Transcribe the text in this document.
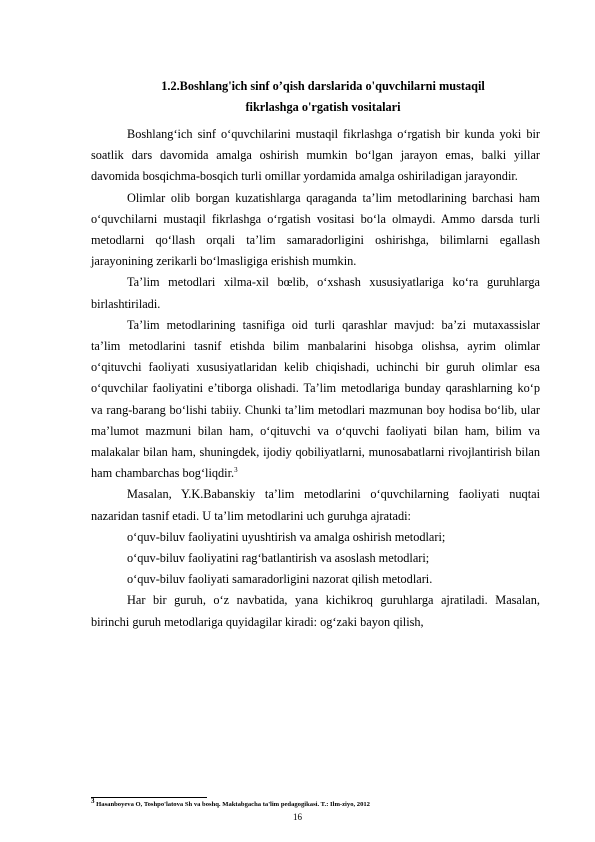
1.2.Boshlang'ich sinf o’qish darslarida o'quvchilarni mustaqil
fikrlashga o'rgatish vositalari

Boshlang‘ich sinf o‘quvchilarini mustaqil fikrlashga o‘rgatish bir kunda yoki bir soatlik dars davomida amalga oshirish mumkin bo‘lgan jarayon emas, balki yillar davomida bosqichma-bosqich turli omillar yordamida amalga oshiriladigan jarayondir.

Olimlar olib borgan kuzatishlarga qaraganda ta’lim metodlarining barchasi ham o‘quvchilarni mustaqil fikrlashga o‘rgatish vositasi bo‘la olmaydi. Ammo darsda turli metodlarni qo‘llash orqali ta’lim samaradorligini oshirishga, bilimlarni egallash jarayonining zerikarli bo‘lmasligiga erishish mumkin.

Ta’lim metodlari xilma-xil bœlib, o‘xshash xususiyatlariga ko‘ra guruhlarga birlashtiriladi.

Ta’lim metodlarining tasnifiga oid turli qarashlar mavjud: ba’zi mutaxassislar ta’lim metodlarini tasnif etishda bilim manbalarini hisobga olishsa, ayrim olimlar o‘qituvchi faoliyati xususiyatlaridan kelib chiqishadi, uchinchi bir guruh olimlar esa o‘quvchilar faoliyatini e’tiborga olishadi. Ta’lim metodlariga bunday qarashlarning ko‘p va rang-barang bo‘lishi tabiiy. Chunki ta’lim metodlari mazmunan boy hodisa bo‘lib, ular ma’lumot mazmuni bilan ham, o‘qituvchi va o‘quvchi faoliyati bilan ham, bilim va malakalar bilan ham, shuningdek, ijodiy qobiliyatlarni, munosabatlarni rivojlantirish bilan ham chambarchas bog‘liqdir.$^3$

Masalan, Y.K.Babanskiy ta’lim metodlarini o‘quvchilarning faoliyati nuqtai nazaridan tasnif etadi. U ta’lim metodlarini uch guruhga ajratadi:

o‘quv-biluv faoliyatini uyushtirish va amalga oshirish metodlari;

o‘quv-biluv faoliyatini rag‘batlantirish va asoslash metodlari;

o‘quv-biluv faoliyati samaradorligini nazorat qilish metodlari.

Har bir guruh, o‘z navbatida, yana kichikroq guruhlarga ajratiladi. Masalan, birinchi guruh metodlariga quyidagilar kiradi: og‘zaki bayon qilish,

$^3$ Hasanboyeva O, Toshpo'latova Sh va boshq. Maktabgacha ta'lim pedagogikasi. T.: Ilm-ziyo, 2012
16
